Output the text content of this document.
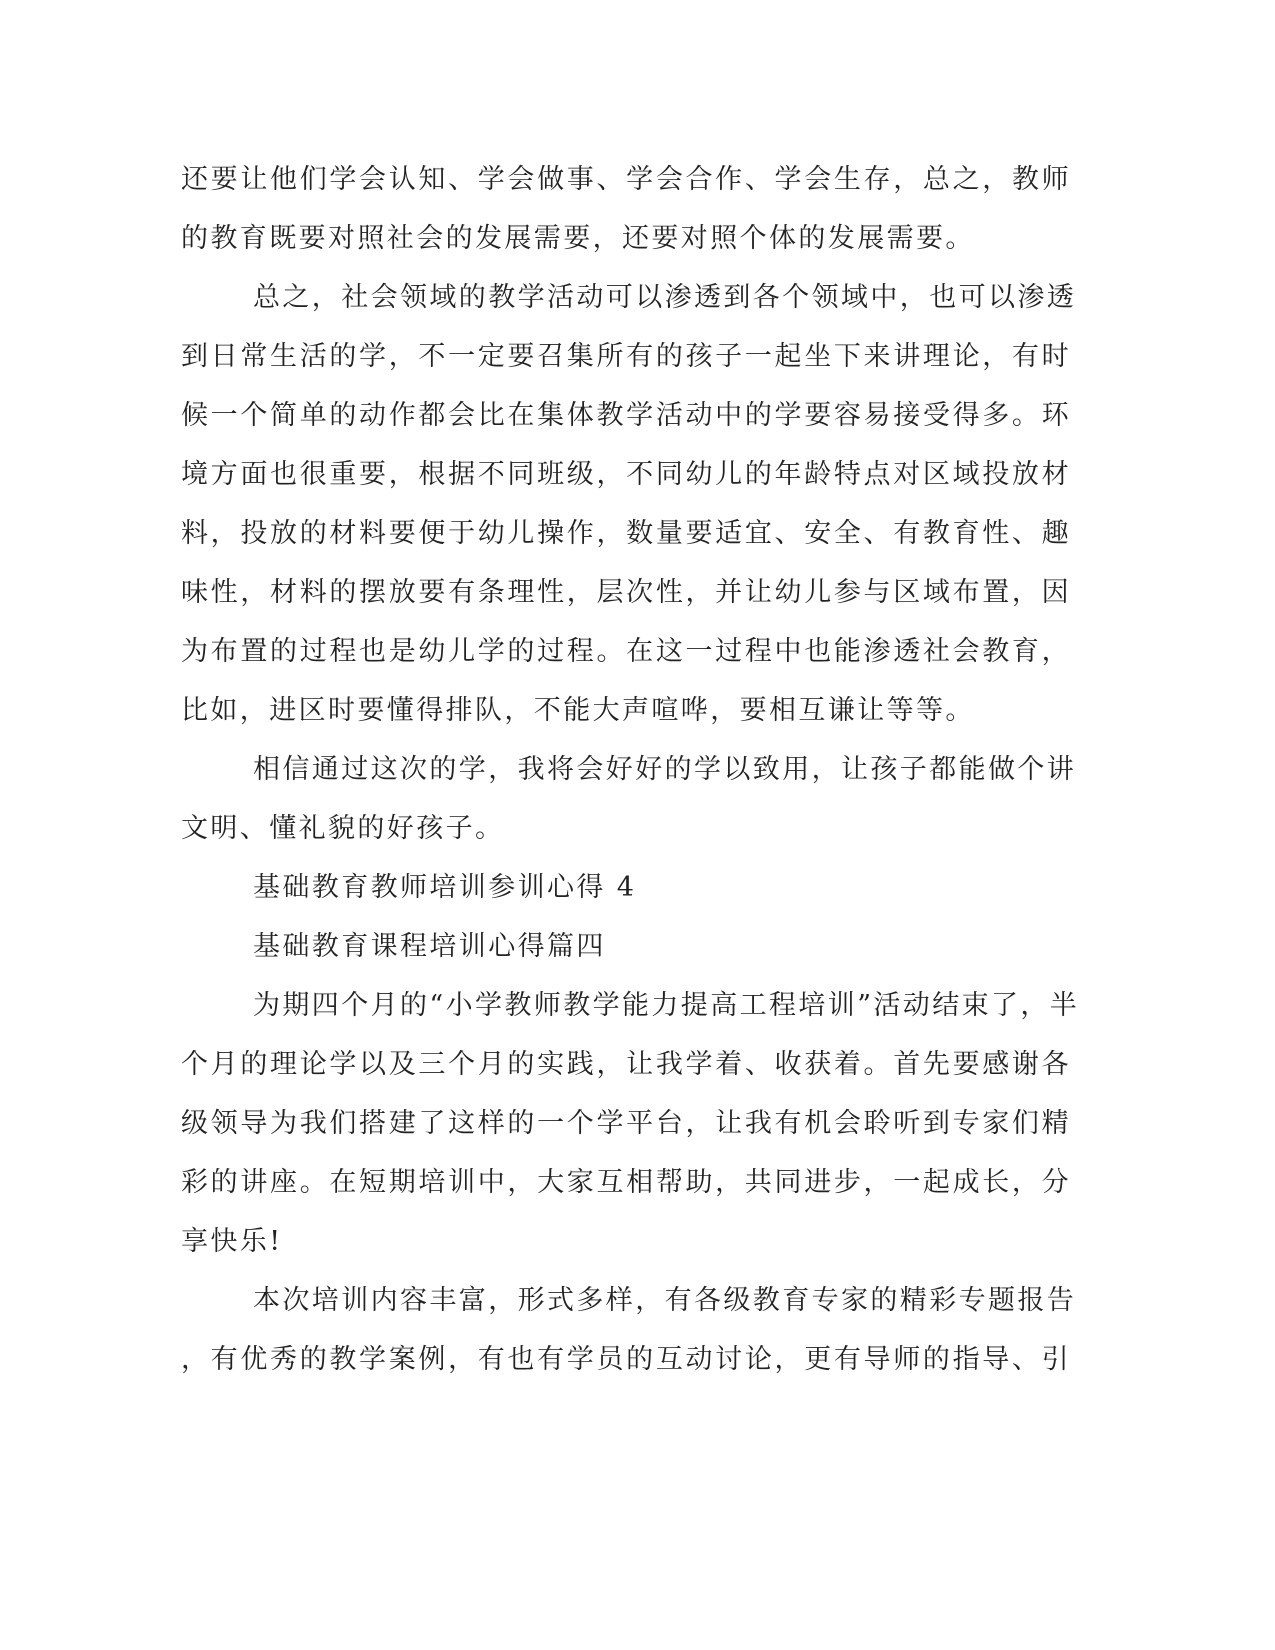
还要让他们学会认知、学会做事、学会合作、学会生存，总之，教师
的教育既要对照社会的发展需要，还要对照个体的发展需要。
总之，社会领域的教学活动可以渗透到各个领域中，也可以渗透
到日常生活的学，不一定要召集所有的孩子一起坐下来讲理论，有时
候一个简单的动作都会比在集体教学活动中的学要容易接受得多。环
境方面也很重要，根据不同班级，不同幼儿的年龄特点对区域投放材
料，投放的材料要便于幼儿操作，数量要适宜、安全、有教育性、趣
味性，材料的摆放要有条理性，层次性，并让幼儿参与区域布置，因
为布置的过程也是幼儿学的过程。在这一过程中也能渗透社会教育，
比如，进区时要懂得排队，不能大声喧哗，要相互谦让等等。
相信通过这次的学，我将会好好的学以致用，让孩子都能做个讲
文明、懂礼貌的好孩子。
基础教育教师培训参训心得 4
基础教育课程培训心得篇四
为期四个月的“小学教师教学能力提高工程培训”活动结束了，半
个月的理论学以及三个月的实践，让我学着、收获着。首先要感谢各
级领导为我们搭建了这样的一个学平台，让我有机会聆听到专家们精
彩的讲座。在短期培训中，大家互相帮助，共同进步，一起成长，分
享快乐!
本次培训内容丰富，形式多样，有各级教育专家的精彩专题报告
，有优秀的教学案例，有也有学员的互动讨论，更有导师的指导、引
